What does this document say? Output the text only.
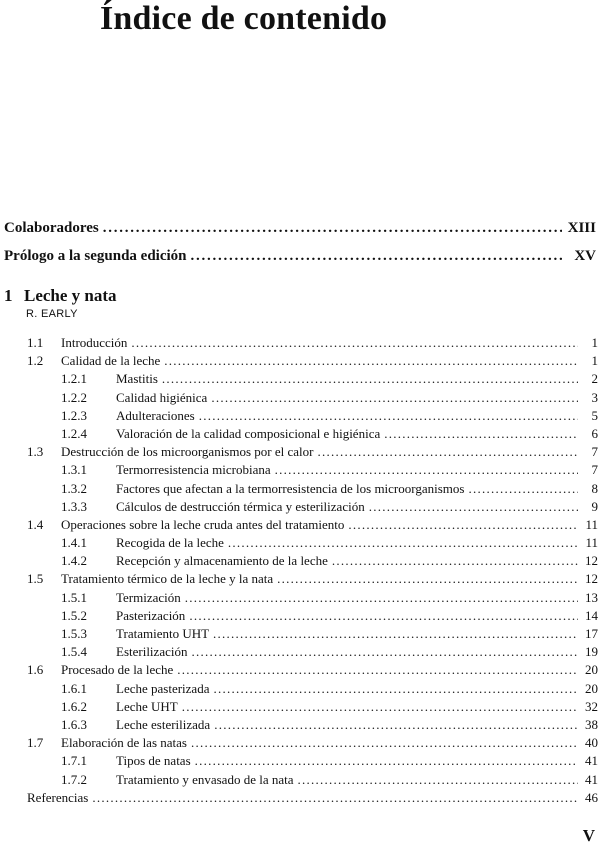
Índice de contenido
Colaboradores . . .	XIII
Prólogo a la segunda edición . . .	XV
1 Leche y nata
R. EARLY
1.1	Introducción . . .	1
1.2	Calidad de la leche . . .	1
1.2.1	Mastitis . . .	2
1.2.2	Calidad higiénica . . .	3
1.2.3	Adulteraciones . . .	5
1.2.4	Valoración de la calidad composicional e higiénica . . .	6
1.3	Destrucción de los microorganismos por el calor . . .	7
1.3.1	Termorresistencia microbiana . . .	7
1.3.2	Factores que afectan a la termorresistencia de los microorganismos . . .	8
1.3.3	Cálculos de destrucción térmica y esterilización . . .	9
1.4	Operaciones sobre la leche cruda antes del tratamiento . . .	11
1.4.1	Recogida de la leche . . .	11
1.4.2	Recepción y almacenamiento de la leche . . .	12
1.5	Tratamiento térmico de la leche y la nata . . .	12
1.5.1	Termización . . .	13
1.5.2	Pasterización . . .	14
1.5.3	Tratamiento UHT . . .	17
1.5.4	Esterilización . . .	19
1.6	Procesado de la leche . . .	20
1.6.1	Leche pasterizada . . .	20
1.6.2	Leche UHT . . .	32
1.6.3	Leche esterilizada . . .	38
1.7	Elaboración de las natas . . .	40
1.7.1	Tipos de natas . . .	41
1.7.2	Tratamiento y envasado de la nata . . .	41
Referencias . . .	46
V
